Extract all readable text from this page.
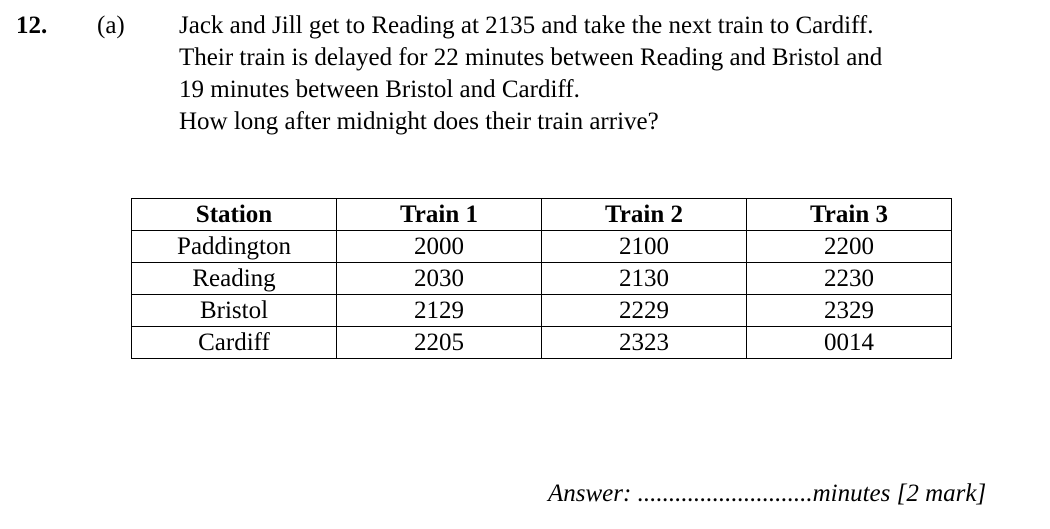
12. (a) Jack and Jill get to Reading at 2135 and take the next train to Cardiff.
Their train is delayed for 22 minutes between Reading and Bristol and
19 minutes between Bristol and Cardiff.
How long after midnight does their train arrive?
Station	Train 1	Train 2	Train 3
Paddington	2000	2100	2200
Reading	2030	2130	2230
Bristol	2129	2229	2329
Cardiff	2205	2323	0014
Answer: ............................minutes [2 mark]
